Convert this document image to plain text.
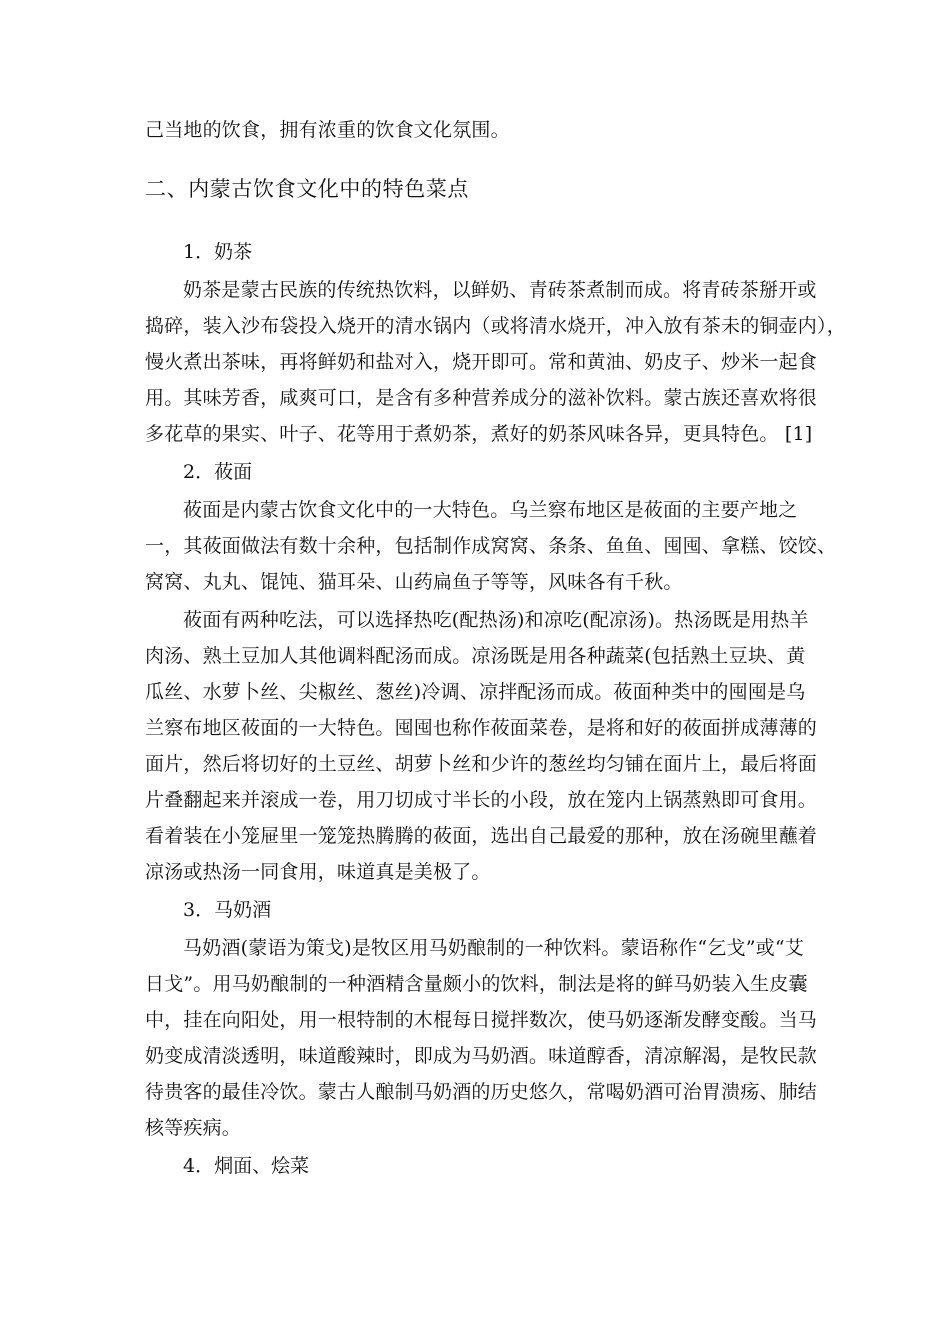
己当地的饮食，拥有浓重的饮食文化氛围。
二、内蒙古饮食文化中的特色菜点
1．奶茶
奶茶是蒙古民族的传统热饮料，以鲜奶、青砖茶煮制而成。将青砖茶掰开或
捣碎，装入沙布袋投入烧开的清水锅内（或将清水烧开，冲入放有茶未的铜壶内），
慢火煮出茶味，再将鲜奶和盐对入，烧开即可。常和黄油、奶皮子、炒米一起食
用。其味芳香，咸爽可口，是含有多种营养成分的滋补饮料。蒙古族还喜欢将很
多花草的果实、叶子、花等用于煮奶茶，煮好的奶茶风味各异，更具特色。 [1]
2．莜面
莜面是内蒙古饮食文化中的一大特色。乌兰察布地区是莜面的主要产地之
一，其莜面做法有数十余种，包括制作成窝窝、条条、鱼鱼、囤囤、拿糕、饺饺、
窝窝、丸丸、馄饨、猫耳朵、山药扁鱼子等等，风味各有千秋。
莜面有两种吃法，可以选择热吃(配热汤)和凉吃(配凉汤)。热汤既是用热羊
肉汤、熟土豆加人其他调料配汤而成。凉汤既是用各种蔬菜(包括熟土豆块、黄
瓜丝、水萝卜丝、尖椒丝、葱丝)冷调、凉拌配汤而成。莜面种类中的囤囤是乌
兰察布地区莜面的一大特色。囤囤也称作莜面菜卷，是将和好的莜面拼成薄薄的
面片，然后将切好的土豆丝、胡萝卜丝和少许的葱丝均匀铺在面片上，最后将面
片叠翻起来并滚成一卷，用刀切成寸半长的小段，放在笼内上锅蒸熟即可食用。
看着装在小笼屉里一笼笼热腾腾的莜面，选出自己最爱的那种，放在汤碗里蘸着
凉汤或热汤一同食用，味道真是美极了。
3．马奶酒
马奶酒(蒙语为策戈)是牧区用马奶酿制的一种饮料。蒙语称作“乞戈”或“艾
日戈”。用马奶酿制的一种酒精含量颇小的饮料，制法是将的鲜马奶装入生皮囊
中，挂在向阳处，用一根特制的木棍每日搅拌数次，使马奶逐渐发酵变酸。当马
奶变成清淡透明，味道酸辣时，即成为马奶酒。味道醇香，清凉解渴，是牧民款
待贵客的最佳冷饮。蒙古人酿制马奶酒的历史悠久，常喝奶酒可治胃溃疡、肺结
核等疾病。
4．烔面、烩菜
